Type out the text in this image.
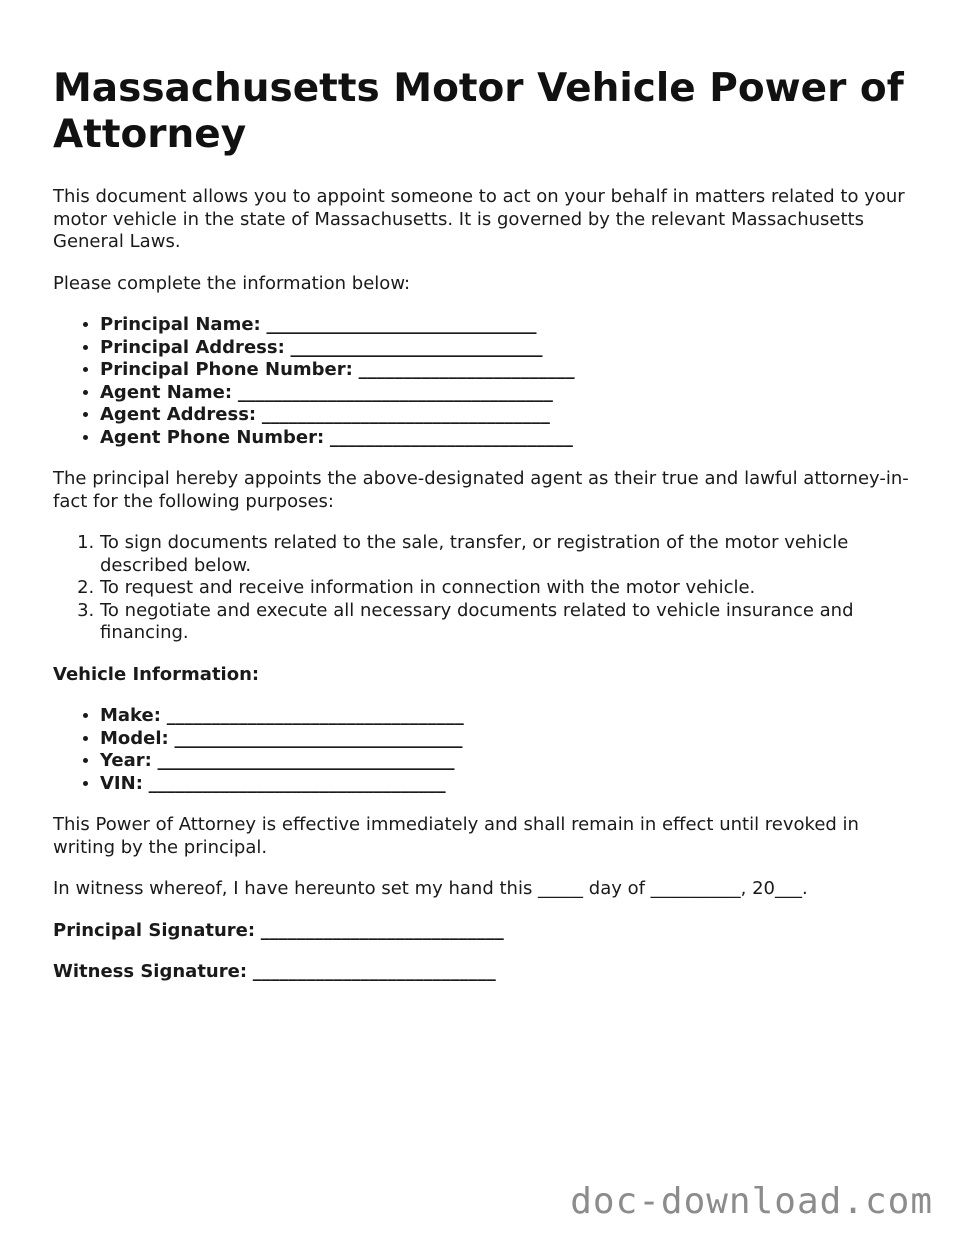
Massachusetts Motor Vehicle Power of Attorney

This document allows you to appoint someone to act on your behalf in matters related to your motor vehicle in the state of Massachusetts. It is governed by the relevant Massachusetts General Laws.

Please complete the information below:

• Principal Name: ______________________________
• Principal Address: ____________________________
• Principal Phone Number: ________________________
• Agent Name: ___________________________________
• Agent Address: ________________________________
• Agent Phone Number: ___________________________

The principal hereby appoints the above-designated agent as their true and lawful attorney-in-fact for the following purposes:

1. To sign documents related to the sale, transfer, or registration of the motor vehicle described below.
2. To request and receive information in connection with the motor vehicle.
3. To negotiate and execute all necessary documents related to vehicle insurance and financing.

Vehicle Information:

• Make: _________________________________
• Model: ________________________________
• Year: _________________________________
• VIN: _________________________________

This Power of Attorney is effective immediately and shall remain in effect until revoked in writing by the principal.

In witness whereof, I have hereunto set my hand this _____ day of __________, 20___.

Principal Signature: ___________________________

Witness Signature: ___________________________

doc-download.com
